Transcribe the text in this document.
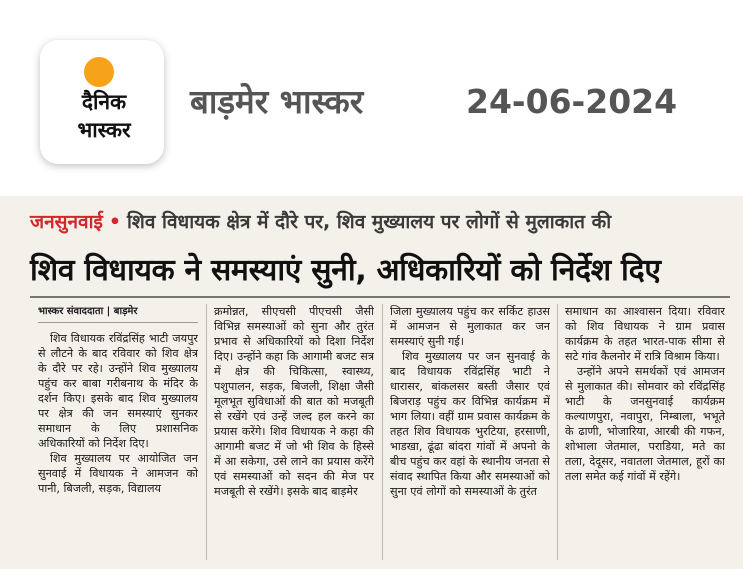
दैनिक
भास्कर
बाड़मेर भास्कर	24-06-2024
जनसुनवाई • शिव विधायक क्षेत्र में दौरे पर, शिव मुख्यालय पर लोगों से मुलाकात की
शिव विधायक ने समस्याएं सुनी, अधिकारियों को निर्देश दिए

भास्कर संवाददाता | बाड़मेर

शिव विधायक रविंद्रसिंह भाटी जयपुर से लौटने के बाद रविवार को शिव क्षेत्र के दौरे पर रहे। उन्होंने शिव मुख्यालय पहुंच कर बाबा गरीबनाथ के मंदिर के दर्शन किए। इसके बाद शिव मुख्यालय पर क्षेत्र की जन समस्याएं सुनकर समाधान के लिए प्रशासनिक अधिकारियों को निर्देश दिए।

शिव मुख्यालय पर आयोजित जन सुनवाई में विधायक ने आमजन को पानी, बिजली, सड़क, विद्यालय

क्रमोन्नत, सीएचसी पीएचसी जैसी विभिन्न समस्याओं को सुना और तुरंत प्रभाव से अधिकारियों को दिशा निर्देश दिए। उन्होंने कहा कि आगामी बजट सत्र में क्षेत्र की चिकित्सा, स्वास्थ्य, पशुपालन, सड़क, बिजली, शिक्षा जैसी मूलभूत सुविधाओं की बात को मजबूती से रखेंगे एवं उन्हें जल्द हल करने का प्रयास करेंगे। शिव विधायक ने कहा की आगामी बजट में जो भी शिव के हिस्से में आ सकेगा, उसे लाने का प्रयास करेंगे एवं समस्याओं को सदन की मेज पर मजबूती से रखेंगे। इसके बाद बाड़मेर

जिला मुख्यालय पहुंच कर सर्किट हाउस में आमजन से मुलाकात कर जन समस्याएं सुनी गई।

शिव मुख्यालय पर जन सुनवाई के बाद विधायक रविंद्रसिंह भाटी ने धारासर, बांकलसर बस्ती जैसार एवं बिजराड़ पहुंच कर विभिन्न कार्यक्रम में भाग लिया। वहीं ग्राम प्रवास कार्यक्रम के तहत शिव विधायक भुरटिया, हरसाणी, भाडखा, ढूंढा बांदरा गांवों में अपनो के बीच पहुंच कर वहां के स्थानीय जनता से संवाद स्थापित किया और समस्याओं को सुना एवं लोगों को समस्याओं के तुरंत

समाधान का आश्वासन दिया। रविवार को शिव विधायक ने ग्राम प्रवास कार्यक्रम के तहत भारत-पाक सीमा से सटे गांव कैलनोर में रात्रि विश्राम किया।

उन्होंने अपने समर्थकों एवं आमजन से मुलाकात की। सोमवार को रविंद्रसिंह भाटी के जनसुनवाई कार्यक्रम कल्याणपुरा, नवापुरा, निम्बाला, भभूते के ढाणी, भोजारिया, आरबी की गफन, शोभाला जेतमाल, पराडिया, मते का तला, देदूसर, नवातला जेतमाल, हूरों का तला समेत कई गांवों में रहेंगे।
